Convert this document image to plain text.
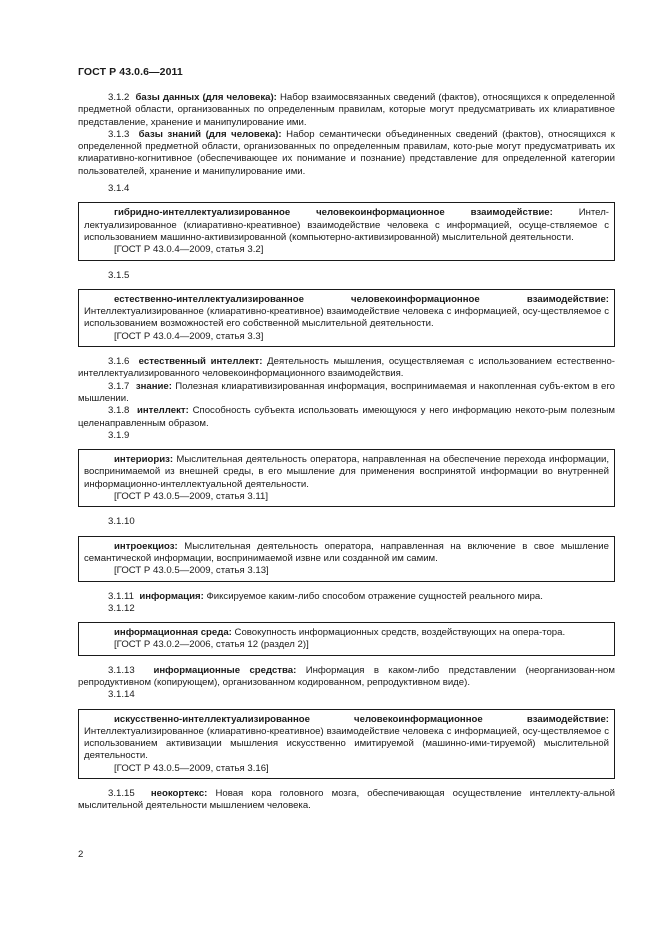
ГОСТ Р 43.0.6—2011

3.1.2 базы данных (для человека): Набор взаимосвязанных сведений (фактов), относящихся к определенной предметной области, организованных по определенным правилам, которые могут предусматривать их клиаративное представление, хранение и манипулирование ими.

3.1.3 базы знаний (для человека): Набор семантически объединенных сведений (фактов), относящихся к определенной предметной области, организованных по определенным правилам, кото-рые могут предусматривать их клиаративно-когнитивное (обеспечивающее их понимание и познание) представление для определенной категории пользователей, хранение и манипулирование ими.

3.1.4

гибридно-интеллектуализированное человекоинформационное взаимодействие:	Интел-лектуализированное (клиаративно-креативное) взаимодействие человека с информацией, осуще-ствляемое с использованием машинно-активизированной (компьютерно-активизированной) мыслительной деятельности.

[ГОСТ Р 43.0.4—2009, статья 3.2]
3.1.5

естественно-интеллектуализированное человекоинформационное взаимодействие: Интеллектуализированное (клиаративно-креативное) взаимодействие человека с информацией, осу-ществляемое с использованием возможностей его собственной мыслительной деятельности.

[ГОСТ Р 43.0.4—2009, статья 3.3]

3.1.6 естественный интеллект: Деятельность мышления, осуществляемая с использованием естественно-интеллектуализированного человекоинформационного взаимодействия.

3.1.7 знание: Полезная клиаративизированная информация, воспринимаемая и накопленная субъ-ектом в его мышлении.

3.1.8 интеллект: Способность субъекта использовать имеющуюся у него информацию некото-рым полезным целенаправленным образом.

3.1.9

интериориз: Мыслительная деятельность оператора, направленная на обеспечение перехода информации, воспринимаемой из внешней среды, в его мышление для применения воспринятой информации во внутренней информационно-интеллектуальной деятельности.

[ГОСТ Р 43.0.5—2009, статья 3.11]
3.1.10

интроекциоз: Мыслительная деятельность оператора, направленная на включение в свое мышление семантической информации, воспринимаемой извне или созданной им самим.

[ГОСТ Р 43.0.5—2009, статья 3.13]

3.1.11 информация: Фиксируемое каким-либо способом отражение сущностей реального мира.

3.1.12

информационная среда: Совокупность информационных средств, воздействующих на опера-тора.

[ГОСТ Р 43.0.2—2006, статья 12 (раздел 2)]

3.1.13 информационные средства: Информация в каком-либо представлении (неорганизован-ном репродуктивном (копирующем), организованном кодированном, репродуктивном виде).

3.1.14

искусственно-интеллектуализированное человекоинформационное взаимодействие: Интеллектуализированное (клиаративно-креативное) взаимодействие человека с информацией, осу-ществляемое с использованием активизации мышления искусственно имитируемой (машинно-ими-тируемой) мыслительной деятельности.

[ГОСТ Р 43.0.5—2009, статья 3.16]

3.1.15 неокортекс: Новая кора головного мозга, обеспечивающая осуществление интеллекту-альной мыслительной деятельности мышлением человека.

2
